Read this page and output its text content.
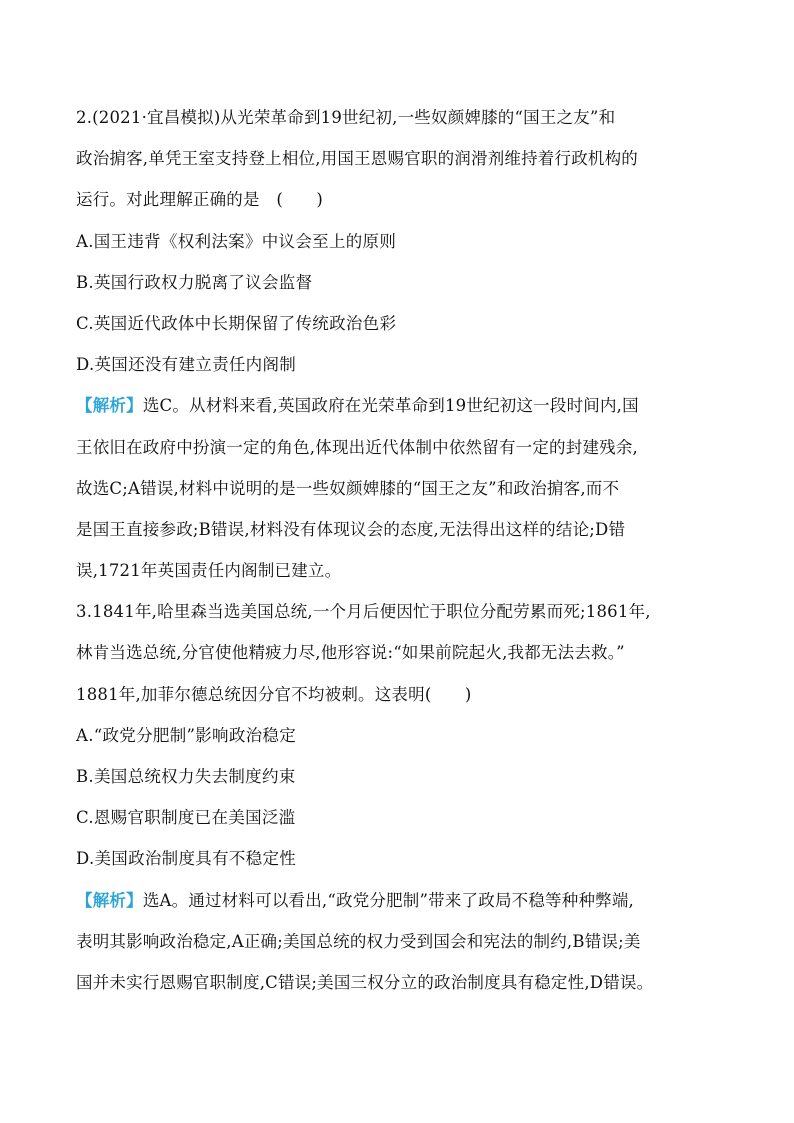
2.(2021·宜昌模拟)从光荣革命到19世纪初,一些奴颜婢膝的“国王之友”和
政治掮客,单凭王室支持登上相位,用国王恩赐官职的润滑剂维持着行政机构的
运行。对此理解正确的是　(　　)
A.国王违背《权利法案》中议会至上的原则
B.英国行政权力脱离了议会监督
C.英国近代政体中长期保留了传统政治色彩
D.英国还没有建立责任内阁制
【解析】选C。从材料来看,英国政府在光荣革命到19世纪初这一段时间内,国
王依旧在政府中扮演一定的角色,体现出近代体制中依然留有一定的封建残余,
故选C;A错误,材料中说明的是一些奴颜婢膝的“国王之友”和政治掮客,而不
是国王直接参政;B错误,材料没有体现议会的态度,无法得出这样的结论;D错
误,1721年英国责任内阁制已建立。
3.1841年,哈里森当选美国总统,一个月后便因忙于职位分配劳累而死;1861年,
林肯当选总统,分官使他精疲力尽,他形容说:“如果前院起火,我都无法去救。”
1881年,加菲尔德总统因分官不均被刺。这表明(　　)
A.“政党分肥制”影响政治稳定
B.美国总统权力失去制度约束
C.恩赐官职制度已在美国泛滥
D.美国政治制度具有不稳定性
【解析】选A。通过材料可以看出,“政党分肥制”带来了政局不稳等种种弊端,
表明其影响政治稳定,A正确;美国总统的权力受到国会和宪法的制约,B错误;美
国并未实行恩赐官职制度,C错误;美国三权分立的政治制度具有稳定性,D错误。
